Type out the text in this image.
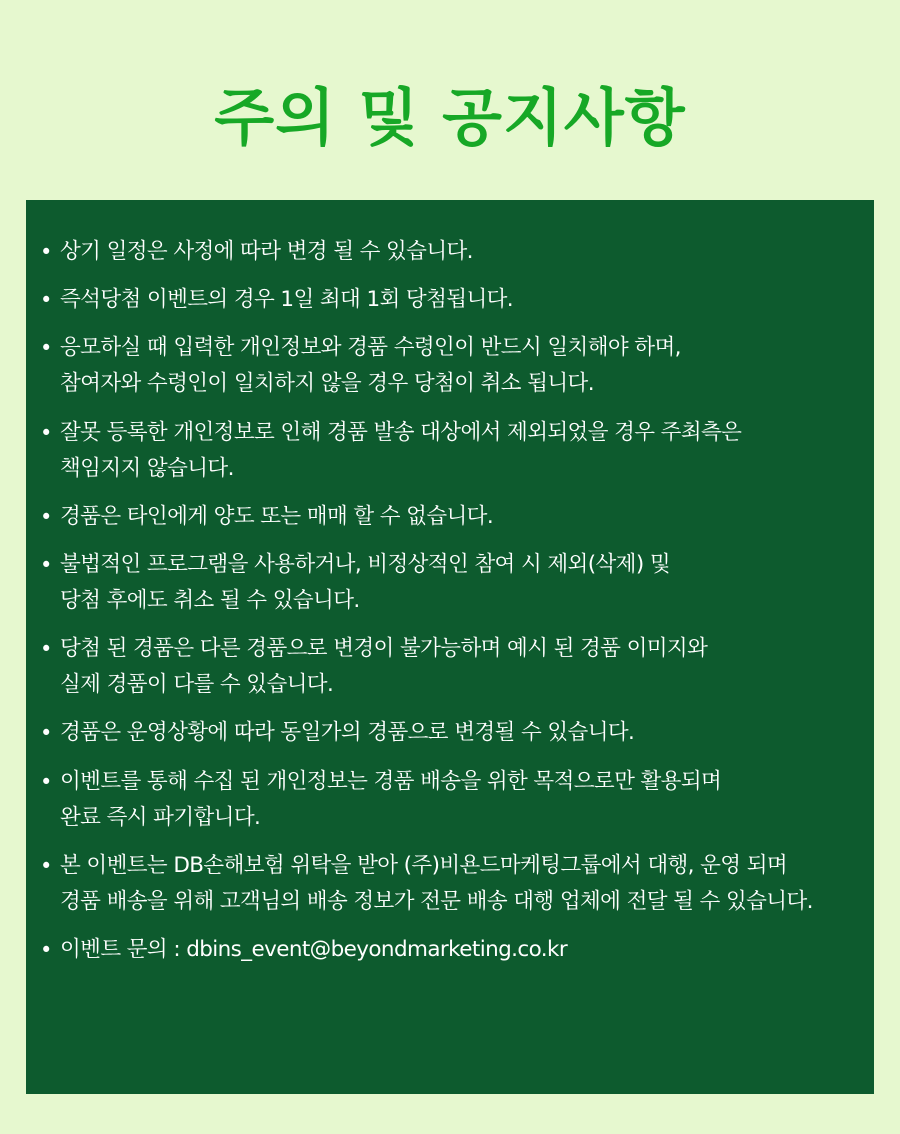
주의 및 공지사항
• 상기 일정은 사정에 따라 변경 될 수 있습니다.
• 즉석당첨 이벤트의 경우 1일 최대 1회 당첨됩니다.
• 응모하실 때 입력한 개인정보와 경품 수령인이 반드시 일치해야 하며,
참여자와 수령인이 일치하지 않을 경우 당첨이 취소 됩니다.
• 잘못 등록한 개인정보로 인해 경품 발송 대상에서 제외되었을 경우 주최측은
책임지지 않습니다.
• 경품은 타인에게 양도 또는 매매 할 수 없습니다.
• 불법적인 프로그램을 사용하거나, 비정상적인 참여 시 제외(삭제) 및
당첨 후에도 취소 될 수 있습니다.
• 당첨 된 경품은 다른 경품으로 변경이 불가능하며 예시 된 경품 이미지와
실제 경품이 다를 수 있습니다.
• 경품은 운영상황에 따라 동일가의 경품으로 변경될 수 있습니다.
• 이벤트를 통해 수집 된 개인정보는 경품 배송을 위한 목적으로만 활용되며
완료 즉시 파기합니다.
• 본 이벤트는 DB손해보험 위탁을 받아 (주)비욘드마케팅그룹에서 대행, 운영 되며
경품 배송을 위해 고객님의 배송 정보가 전문 배송 대행 업체에 전달 될 수 있습니다.
• 이벤트 문의 : dbins_event@beyondmarketing.co.kr
